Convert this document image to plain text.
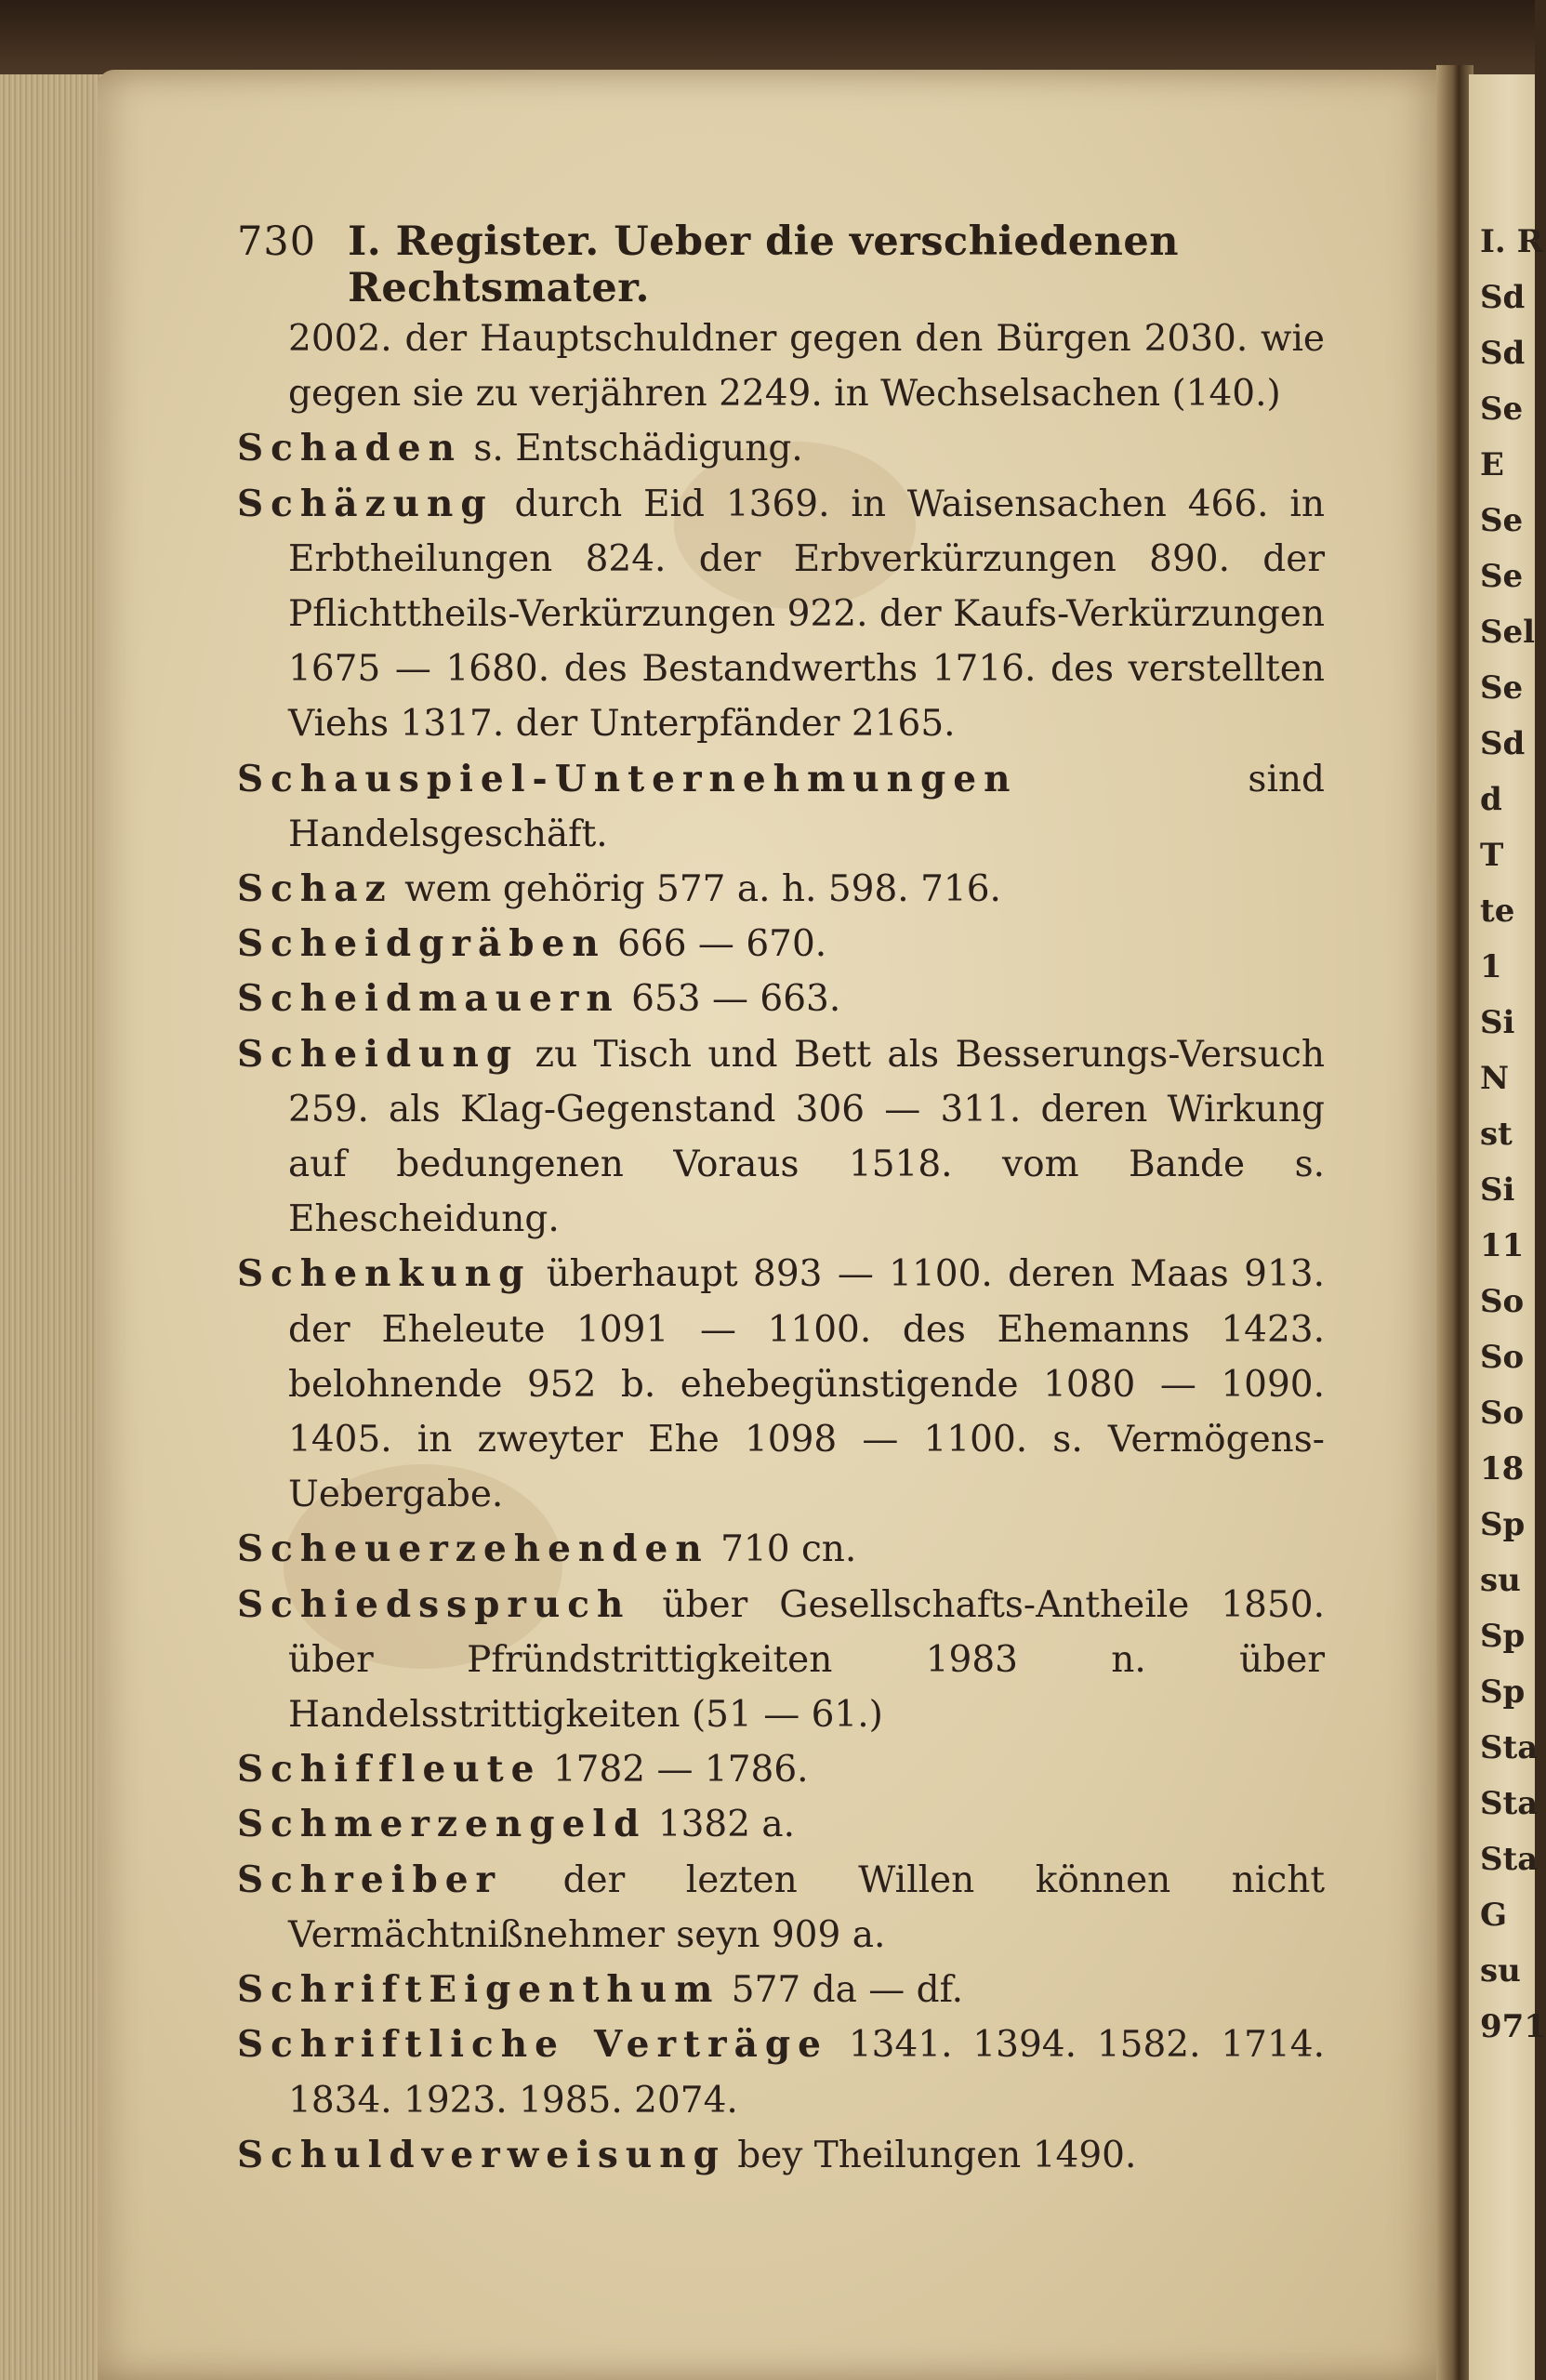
I. R
Sd
Sd
Se
E
Se
Se
Sel
Se
Sd
d
T
te
1
Si
N
st
Si
11
So
So
So
18
Sp
su
Sp
Sp
Sta
Sta
Sta
G
su
971
730 I. Register. Ueber die verschiedenen Rechtsmater.

2002. der Hauptschuldner gegen den Bürgen 2030. wie gegen sie zu verjähren 2249. in Wechselsachen (140.)

Schaden s. Entschädigung.

Schäzung durch Eid 1369. in Waisensachen 466. in Erbtheilungen 824. der Erbverkürzungen 890. der Pflichttheils-Verkürzungen 922. der Kaufs-Verkürzungen 1675 — 1680. des Bestandwerths 1716. des verstellten Viehs 1317. der Unterpfänder 2165.

Schauspiel-Unternehmungen sind Handelsgeschäft.

Schaz wem gehörig 577 a. h. 598. 716.

Scheidgräben 666 — 670.

Scheidmauern 653 — 663.

Scheidung zu Tisch und Bett als Besserungs-Versuch 259. als Klag-Gegenstand 306 — 311. deren Wirkung auf bedungenen Voraus 1518. vom Bande s. Ehescheidung.

Schenkung überhaupt 893 — 1100. deren Maas 913. der Eheleute 1091 — 1100. des Ehemanns 1423. belohnende 952 b. ehebegünstigende 1080 — 1090. 1405. in zweyter Ehe 1098 — 1100. s. Vermögens-Uebergabe.

Scheuerzehenden 710 cn.

Schiedsspruch über Gesellschafts-Antheile 1850. über Pfründstrittigkeiten 1983 n. über Handelsstrittigkeiten (51 — 61.)

Schiffleute 1782 — 1786.

Schmerzengeld 1382 a.

Schreiber der lezten Willen können nicht Vermächtnißnehmer seyn 909 a.

SchriftEigenthum 577 da — df.

Schriftliche Verträge 1341. 1394. 1582. 1714. 1834. 1923. 1985. 2074.

Schuldverweisung bey Theilungen 1490.
